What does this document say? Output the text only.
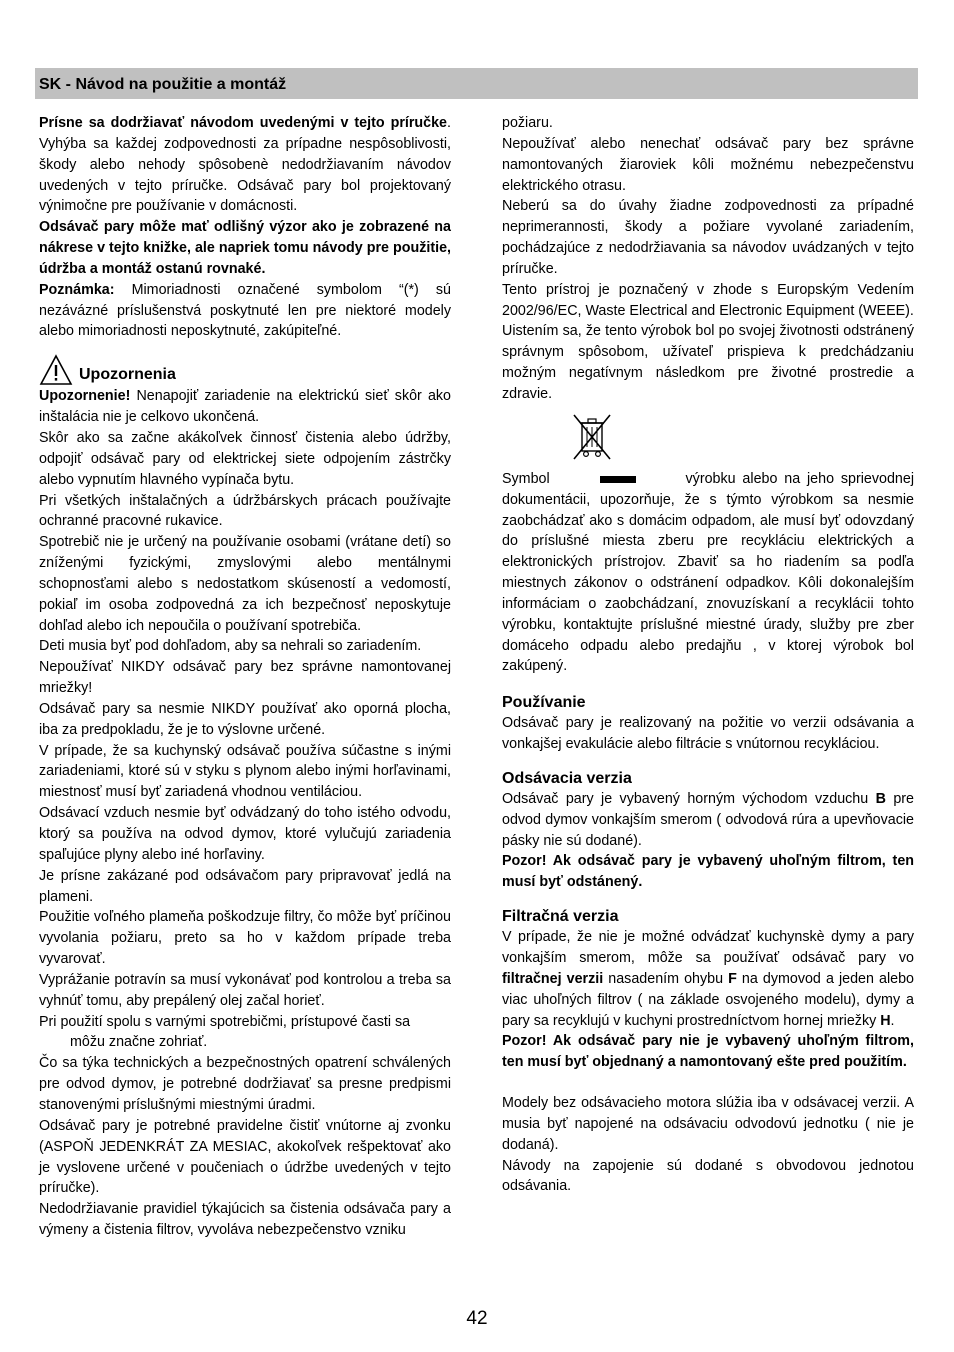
SK - Návod na použitie a montáž

Prísne sa dodržiavať návodom uvedenými v tejto príručke. Vyhýba sa každej zodpovednosti za prípadne nespôsoblivosti, škody alebo nehody spôsobenè nedodržiavaním návodov uvedených v tejto príručke. Odsávač pary bol projektovaný výnimočne pre používanie v domácnosti.

Odsávač pary môže mať odlišný výzor ako je zobrazené na nákrese v tejto knižke, ale napriek tomu návody pre použitie, údržba a montáž ostanú rovnaké.

Poznámka: Mimoriadnosti označené symbolom “(*) sú nezávázné príslušenstvá poskytnuté len pre niektoré modely alebo mimoriadnosti neposkytnuté, zakúpiteľné.

Upozornenia

Upozornenie! Nenapojiť zariadenie na elektrickú sieť skôr ako inštalácia nie je celkovo ukončená.

Skôr ako sa začne akákoľvek činnosť čistenia alebo údržby, odpojiť odsávač pary od elektrickej siete odpojením zástrčky alebo vypnutím hlavného vypínača bytu.

Pri všetkých inštalačných a údržbárskych prácach používajte ochranné pracovné rukavice.

Spotrebič nie je určený na používanie osobami (vrátane detí) so zníženými fyzickými, zmyslovými alebo mentálnymi schopnosťami alebo s nedostatkom skúseností a vedomostí, pokiaľ im osoba zodpovedná za ich bezpečnosť neposkytuje dohľad alebo ich nepoučila o používaní spotrebiča.

Deti musia byť pod dohľadom, aby sa nehrali so zariadením.

Nepoužívať NIKDY odsávač pary bez správne namontovanej mriežky!

Odsávač pary sa nesmie NIKDY používať ako oporná plocha, iba za predpokladu, že je to výslovne určené.

V prípade, že sa kuchynský odsávač používa súčastne s inými zariadeniami, ktoré sú v styku s plynom alebo inými horľavinami, miestnosť musí byť zariadená vhodnou ventiláciou.

Odsávací vzduch nesmie byť odvádzaný do toho istého odvodu, ktorý sa používa na odvod dymov, ktoré vylučujú zariadenia spaľujúce plyny alebo iné horľaviny.

Je prísne zakázané pod odsávačom pary pripravovať jedlá na plameni.

Použitie voľného plameňa poškodzuje filtry, čo môže byť príčinou vyvolania požiaru, preto sa ho v každom prípade treba vyvarovať.

Vyprážanie potravín sa musí vykonávať pod kontrolou a treba sa vyhnúť tomu, aby prepálený olej začal horieť.

Pri použití spolu s varnými spotrebičmi, prístupové časti sa
môžu značne zohriať.

Čo sa týka technických a bezpečnostných opatrení schválených pre odvod dymov, je potrebné dodržiavať sa presne predpismi stanovenými príslušnými miestnými úradmi.

Odsávač pary je potrebné pravidelne čistiť vnútorne aj zvonku (ASPOŇ JEDENKRÁT ZA MESIAC, akokoľvek rešpektovať ako je vyslovene určené v poučeniach o údržbe uvedených v tejto príručke).

Nedodržiavanie pravidiel týkajúcich sa čistenia odsávača pary a výmeny a čistenia filtrov, vyvoláva nebezpečenstvo vzniku

požiaru.

Nepoužívať alebo nenechať odsávač pary bez správne namontovaných žiaroviek kôli možnému nebezpečenstvu elektrického otrasu.

Neberú sa do úvahy žiadne zodpovednosti za prípadné neprimerannosti, škody a požiare vyvolané zariadením, pochádzajúce z nedodržiavania sa návodov uvádzaných v tejto príručke.

Tento prístroj je poznačený v zhode s Europským Vedením 2002/96/EC, Waste Electrical and Electronic Equipment (WEEE).

Uistením sa, že tento výrobok bol po svojej životnosti odstránený správnym spôsobom, užívateľ prispieva k predchádzaniu možným negatívnym následkom pre životné prostredie a zdravie.

Symbol	výrobku alebo na jeho sprievodnej dokumentácii, upozorňuje, že s týmto výrobkom sa nesmie zaobchádzať ako s domácim odpadom, ale musí byť odovzdaný do príslušné miesta zberu pre recykláciu elektrických a elektronických prístrojov. Zbaviť sa ho riadením sa podľa miestnych zákonov o odstránení odpadkov. Kôli dokonalejším informáciam o zaobchádzaní, znovuzískaní a recyklácii tohto výrobku, kontaktujte príslušné miestné úrady, služby pre zber domáceho odpadu alebo predajňu , v ktorej výrobok bol zakúpený.

Používanie

Odsávač pary je realizovaný na požitie vo verzii odsávania a vonkajšej evakulácie alebo filtrácie s vnútornou recykláciou.

Odsávacia verzia

Odsávač pary je vybavený horným východom vzduchu B pre odvod dymov vonkajším smerom ( odvodová rúra a upevňovacie pásky nie sú dodané).

Pozor! Ak odsávač pary je vybavený uhoľným filtrom, ten musí byť odstánený.

Filtračná verzia

V prípade, že nie je možné odvádzať kuchynskè dymy a pary vonkajším smerom, môže sa používať odsávač pary vo filtračnej verzii nasadením ohybu F na dymovod a jeden alebo viac uhoľných filtrov ( na základe osvojeného modelu), dymy a pary sa recyklujú v kuchyni prostredníctvom hornej mriežky H.

Pozor! Ak odsávač pary nie je vybavený uhoľným filtrom, ten musí byť objednaný a namontovaný ešte pred použitím.

Modely bez odsávacieho motora slúžia iba v odsávacej verzii. A musia byť napojené na odsávaciu odvodovú jednotku ( nie je dodaná).

Návody na zapojenie sú dodané s obvodovou jednotou odsávania.

42
